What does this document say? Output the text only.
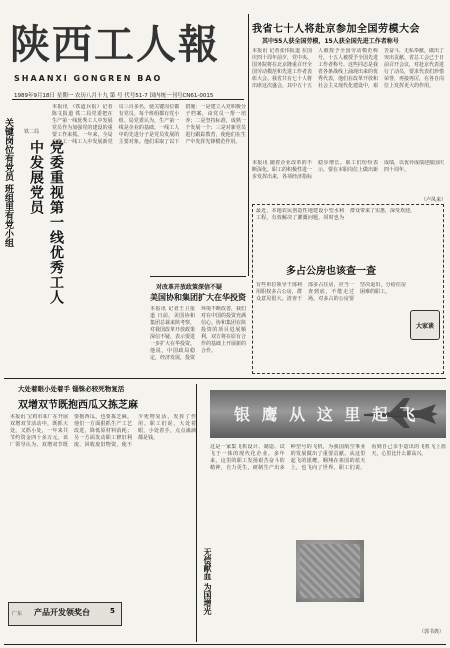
陕西工人報
SHAANXI GONGREN BAO
1989年9月18日 星期一 农历八月十九 第 号 代号51-7 国内统一刊号CN61-0015
我省七十人将赴京参加全国劳模大会
其中55人获全国劳模，15人获全国先进工作者称号
本报讯 记者张伟报道 在国庆四十周年前夕，党中央、国务院将在北京隆重召开全国劳动模范和先进工作者表彰大会。我省共有七十人将出席这次盛会，其中五十五人被授予全国劳动模范称号，十五人被授予全国先进工作者称号。这些同志是我省各条战线上涌现出来的优秀代表，他们在改革开放和社会主义现代化建设中，艰苦奋斗，无私奉献，做出了突出贡献。省总工会已于日前召开会议，对赴京代表进行了动员，要求代表们珍惜荣誉，再接再厉，在各自岗位上发挥更大的作用。
关键岗位有党员 班组里有党小组 铁二局
党委重视第一线优秀工人中发展党员
本报讯 《铁道兵报》记者陈文报道 铁二局党委把在生产第一线优秀工人中发展党员作为加强党的建设的重要工作来抓。一年来，全局在施工一线工人中发展新党员三百多名，使关键岗位都有党员，每个班组都有党小组。局党委认为，生产第一线是企业的基础，一线工人中的先进分子是党员发展的主要对象。他们采取了以下措施：一是建立入党积极分子档案，由党员一帮一培养；二是坚持标准，成熟一个发展一个；三是对新党员进行跟踪教育，使他们在生产中发挥先锋模范作用。
对改革开放政策深信不疑
美国协和集团扩大在华投资
本报讯 记者王卫报道 日前，美国协和集团总裁来陕考察，对我国改革开放政策深信不疑，表示要进一步扩大在华投资。他说，中国政局稳定，经济发展，投资环境不断改善，我们对在中国的投资充满信心。协和集团在陕投资的项目进展顺利，双方将在原有合作的基础上开展新的合作。
本报讯 随着企业改革的不断深化，职工的积极性进一步发挥出来，各项经济指标稳步增长。职工们纷纷表示，要在本职岗位上做出新成绩，以优异成绩迎接国庆四十周年。
（卢凤来）
最近，本地农民创造性地建设小型水利工程，有效解决了灌溉问题，同时也为群众带来了实惠，深受欢迎。
多占公房也该查一查
有些单位领导干部利用职权多占公房，群众意见很大。清查干部多占住房，应当一查到底，不能走过场。对多占的公房要坚决退出，分给住房困难的职工。
大家谈
大处着眼小处着手 锱铢必较死物复活
双增双节既抱西瓜又拣芝麻
本报讯 宝鸡市某厂在开展双增双节活动中，既抓大处，又抓小处，一年来共节约资金四十多万元。该厂领导认为，双增双节既要抱西瓜，也要拣芝麻。他们一方面狠抓生产工艺改进，降低原材料消耗；另一方面发动职工修旧利废，回收废旧物资，使不少死物复活，发挥了作用。职工们说，大处着眼，小处着手，点点滴滴都是钱。
无偿献血 为国增光
广东 产品开发领奖台	5
银 鹰 从 这 里 起 飞
这是一家集飞机设计、制造、试飞于一体的现代化企业。多年来，这里的职工发扬艰苦奋斗的精神，自力更生，研制生产出多种型号的飞机，为我国航空事业的发展做出了重要贡献。从这里起飞的银鹰，翱翔在祖国的蓝天上，也飞向了世界。职工们说，看到自己亲手造出的飞机飞上蓝天，心里比什么都高兴。
（郭书典）
